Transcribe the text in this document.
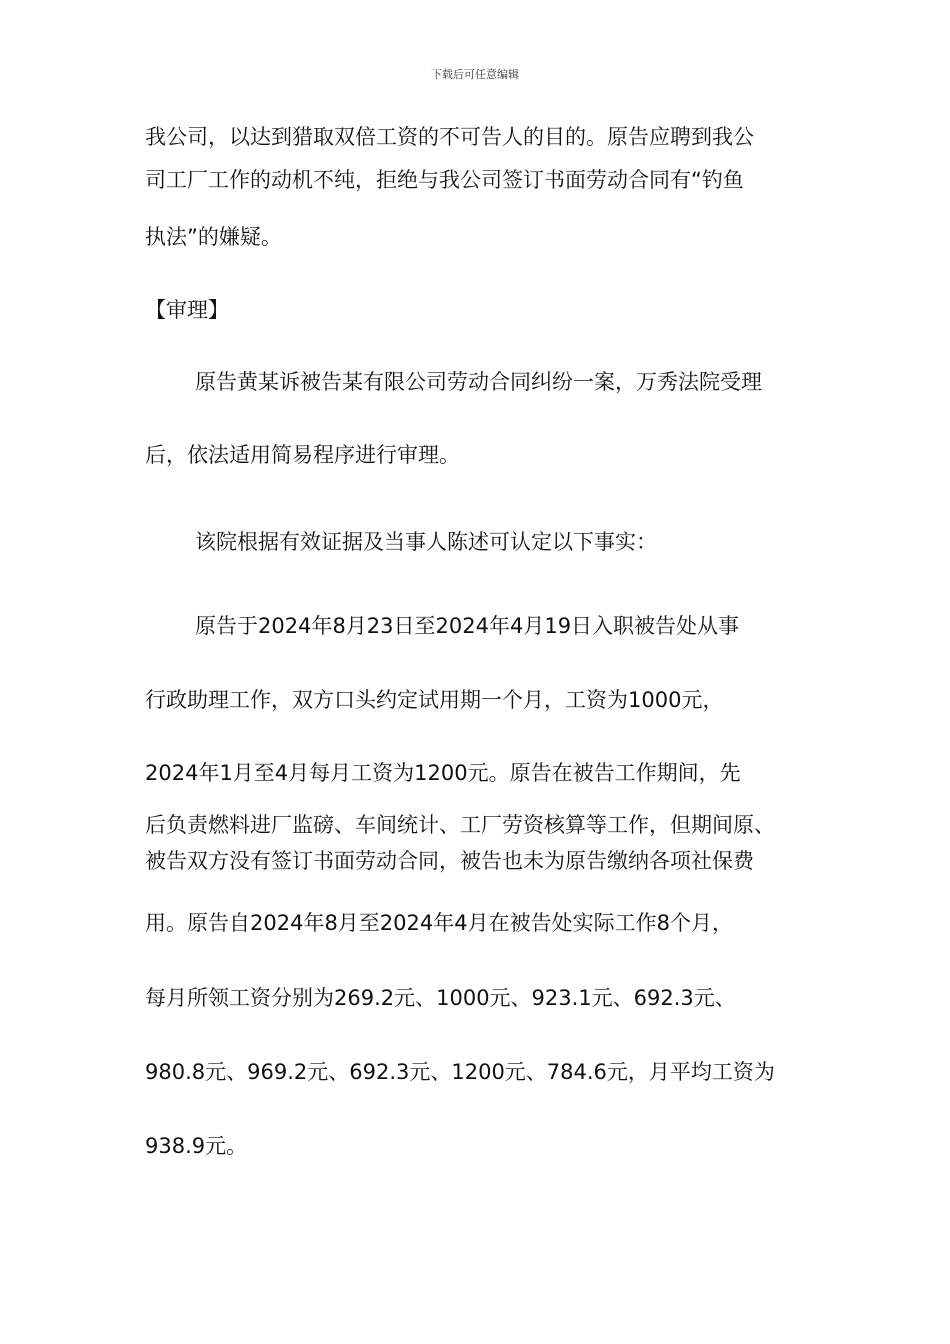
下载后可任意编辑
我公司，以达到猎取双倍工资的不可告人的目的。原告应聘到我公
司工厂工作的动机不纯，拒绝与我公司签订书面劳动合同有“钓鱼
执法”的嫌疑。
【审理】
原告黄某诉被告某有限公司劳动合同纠纷一案，万秀法院受理
后，依法适用简易程序进行审理。
该院根据有效证据及当事人陈述可认定以下事实：
原告于2024年8月23日至2024年4月19日入职被告处从事
行政助理工作，双方口头约定试用期一个月，工资为1000元，
2024年1月至4月每月工资为1200元。原告在被告工作期间，先
后负责燃料进厂监磅、车间统计、工厂劳资核算等工作，但期间原、
被告双方没有签订书面劳动合同，被告也未为原告缴纳各项社保费
用。原告自2024年8月至2024年4月在被告处实际工作8个月，
每月所领工资分别为269.2元、1000元、923.1元、692.3元、
980.8元、969.2元、692.3元、1200元、784.6元，月平均工资为
938.9元。
